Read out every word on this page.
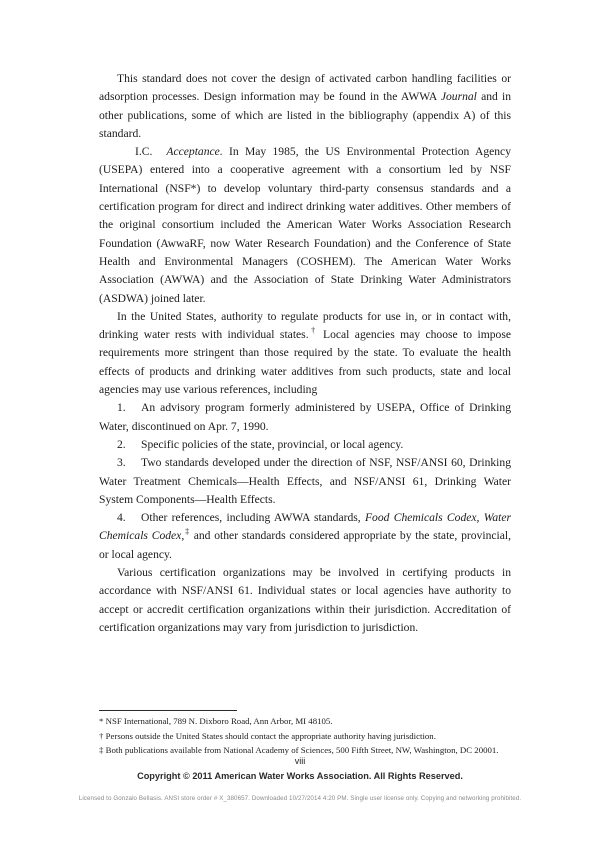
This standard does not cover the design of activated carbon handling facilities or adsorption processes. Design information may be found in the AWWA Journal and in other publications, some of which are listed in the bibliography (appendix A) of this standard.

I.C. Acceptance. In May 1985, the US Environmental Protection Agency (USEPA) entered into a cooperative agreement with a consortium led by NSF International (NSF*) to develop voluntary third-party consensus standards and a certification program for direct and indirect drinking water additives. Other members of the original consortium included the American Water Works Association Research Foundation (AwwaRF, now Water Research Foundation) and the Conference of State Health and Environmental Managers (COSHEM). The American Water Works Association (AWWA) and the Association of State Drinking Water Administrators (ASDWA) joined later.

In the United States, authority to regulate products for use in, or in contact with, drinking water rests with individual states.† Local agencies may choose to impose requirements more stringent than those required by the state. To evaluate the health effects of products and drinking water additives from such products, state and local agencies may use various references, including

1. An advisory program formerly administered by USEPA, Office of Drinking Water, discontinued on Apr. 7, 1990.

2. Specific policies of the state, provincial, or local agency.

3. Two standards developed under the direction of NSF, NSF/ANSI 60, Drinking Water Treatment Chemicals—Health Effects, and NSF/ANSI 61, Drinking Water System Components—Health Effects.

4. Other references, including AWWA standards, Food Chemicals Codex, Water Chemicals Codex,‡ and other standards considered appropriate by the state, provincial, or local agency.

Various certification organizations may be involved in certifying products in accordance with NSF/ANSI 61. Individual states or local agencies have authority to accept or accredit certification organizations within their jurisdiction. Accreditation of certification organizations may vary from jurisdiction to jurisdiction.

* NSF International, 789 N. Dixboro Road, Ann Arbor, MI 48105.

† Persons outside the United States should contact the appropriate authority having jurisdiction.

‡ Both publications available from National Academy of Sciences, 500 Fifth Street, NW, Washington, DC 20001.

viii
Copyright © 2011 American Water Works Association. All Rights Reserved.
Licensed to Gonzalo Bellasis. ANSI store order # X_380657. Downloaded 10/27/2014 4:20 PM. Single user license only. Copying and networking prohibited.
